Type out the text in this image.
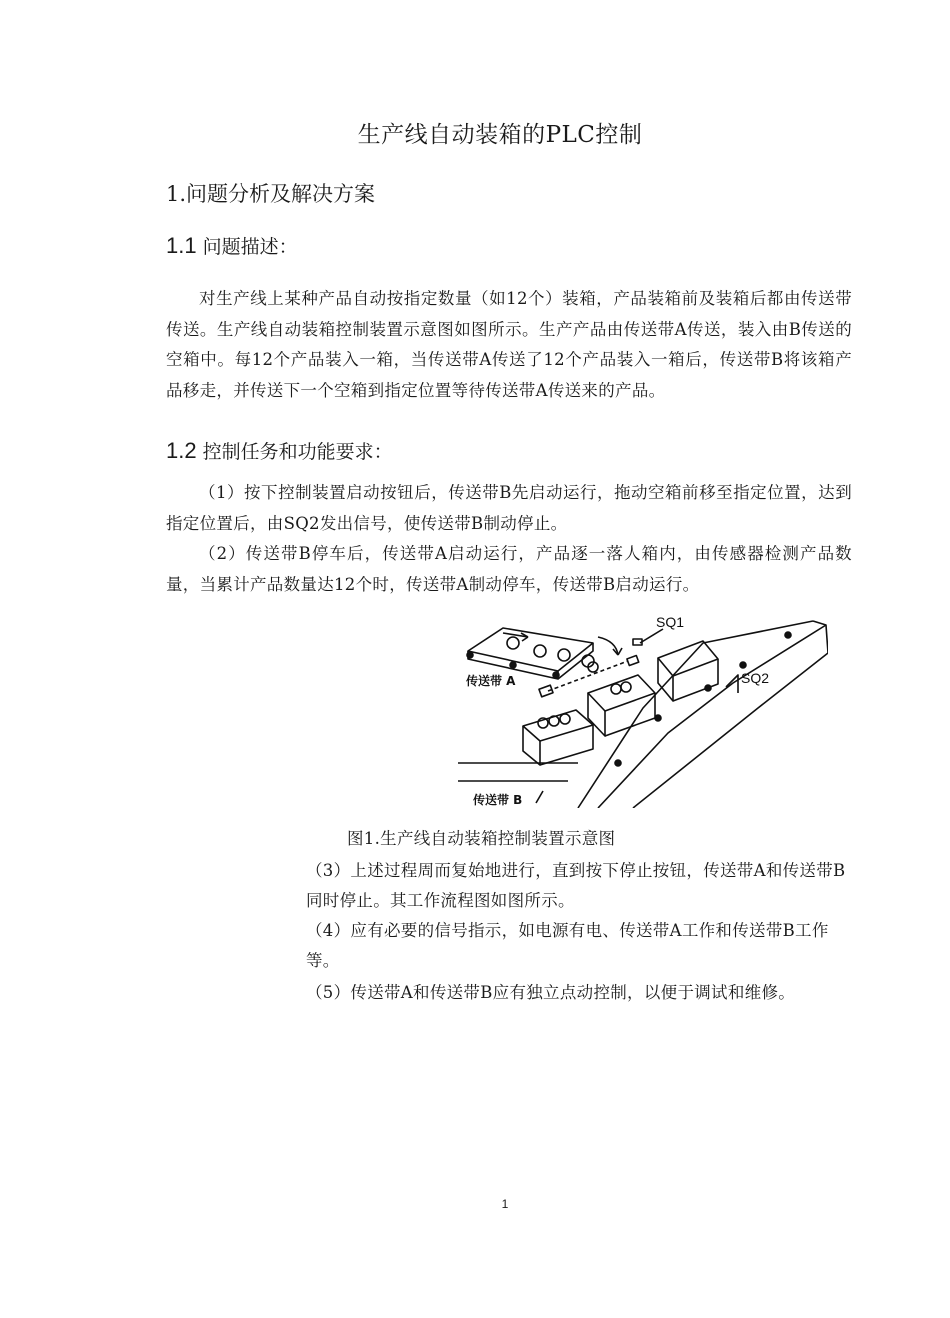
生产线自动装箱的PLC控制
1.问题分析及解决方案
1.1 问题描述：

对生产线上某种产品自动按指定数量（如12个）装箱，产品装箱前及装箱后都由传送带传送。生产线自动装箱控制装置示意图如图所示。生产产品由传送带A传送，装入由B传送的空箱中。每12个产品装入一箱，当传送带A传送了12个产品装入一箱后，传送带B将该箱产品移走，并传送下一个空箱到指定位置等待传送带A传送来的产品。

1.2 控制任务和功能要求：

（1）按下控制装置启动按钮后，传送带B先启动运行，拖动空箱前移至指定位置，达到指定位置后，由SQ2发出信号，使传送带B制动停止。

（2）传送带B停车后，传送带A启动运行，产品逐一落人箱内，由传感器检测产品数量，当累计产品数量达12个时，传送带A制动停车，传送带B启动运行。

SQ1
SQ2
传送带 A
传送带 B
图1.生产线自动装箱控制装置示意图

（3）上述过程周而复始地进行，直到按下停止按钮，传送带A和传送带B同时停止。其工作流程图如图所示。

（4）应有必要的信号指示，如电源有电、传送带A工作和传送带B工作等。

（5）传送带A和传送带B应有独立点动控制，以便于调试和维修。

1
